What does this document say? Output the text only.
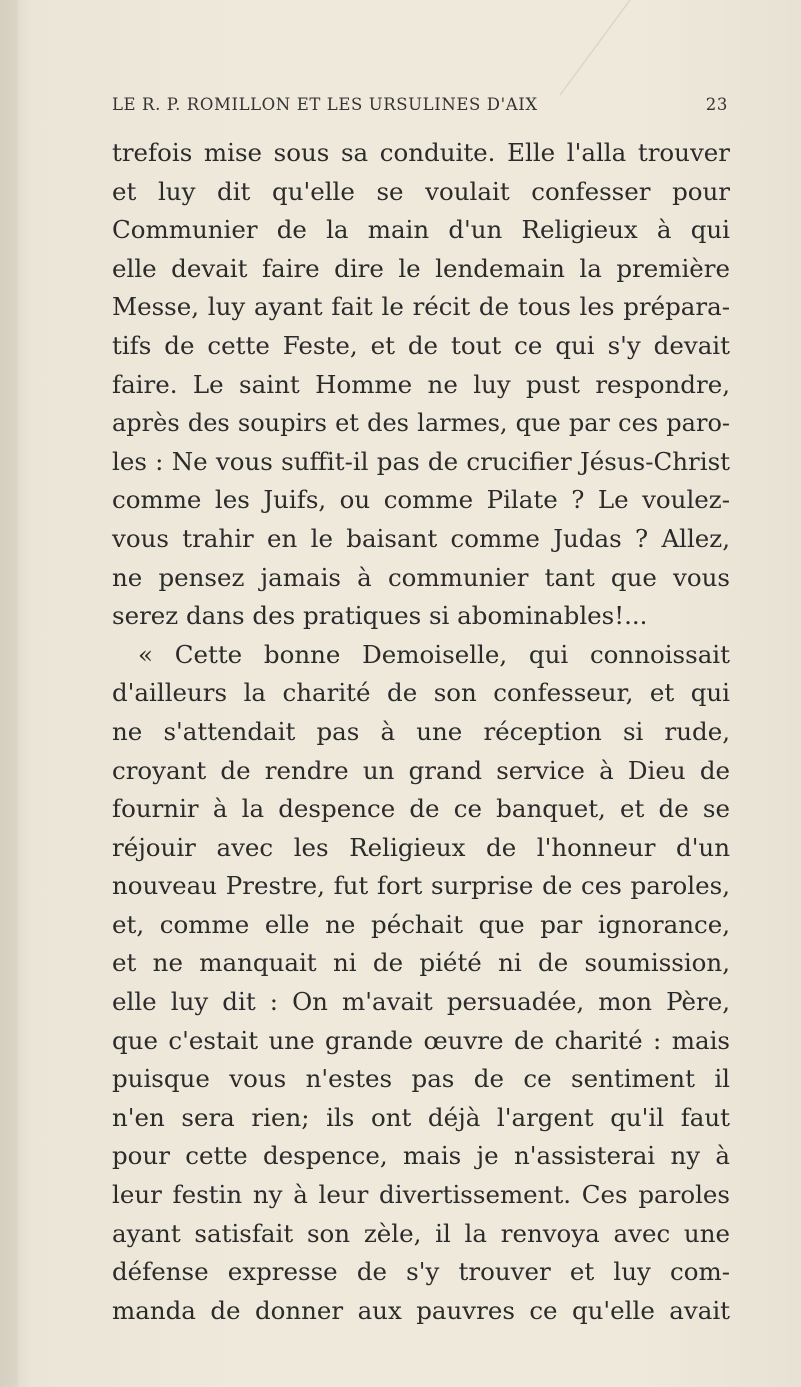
LE R. P. ROMILLON ET LES URSULINES D'AIX	23
trefois mise sous sa conduite. Elle l'alla trouver
et luy dit qu'elle se voulait confesser pour
Communier de la main d'un Religieux à qui
elle devait faire dire le lendemain la première
Messe, luy ayant fait le récit de tous les prépara-
tifs de cette Feste, et de tout ce qui s'y devait
faire. Le saint Homme ne luy pust respondre,
après des soupirs et des larmes, que par ces paro-
les : Ne vous suffit-il pas de crucifier Jésus-Christ
comme les Juifs, ou comme Pilate ? Le voulez-
vous trahir en le baisant comme Judas ? Allez,
ne pensez jamais à communier tant que vous
serez dans des pratiques si abominables!...
« Cette bonne Demoiselle, qui connoissait
d'ailleurs la charité de son confesseur, et qui
ne s'attendait pas à une réception si rude,
croyant de rendre un grand service à Dieu de
fournir à la despence de ce banquet, et de se
réjouir avec les Religieux de l'honneur d'un
nouveau Prestre, fut fort surprise de ces paroles,
et, comme elle ne péchait que par ignorance,
et ne manquait ni de piété ni de soumission,
elle luy dit : On m'avait persuadée, mon Père,
que c'estait une grande œuvre de charité : mais
puisque vous n'estes pas de ce sentiment il
n'en sera rien; ils ont déjà l'argent qu'il faut
pour cette despence, mais je n'assisterai ny à
leur festin ny à leur divertissement. Ces paroles
ayant satisfait son zèle, il la renvoya avec une
défense expresse de s'y trouver et luy com-
manda de donner aux pauvres ce qu'elle avait
